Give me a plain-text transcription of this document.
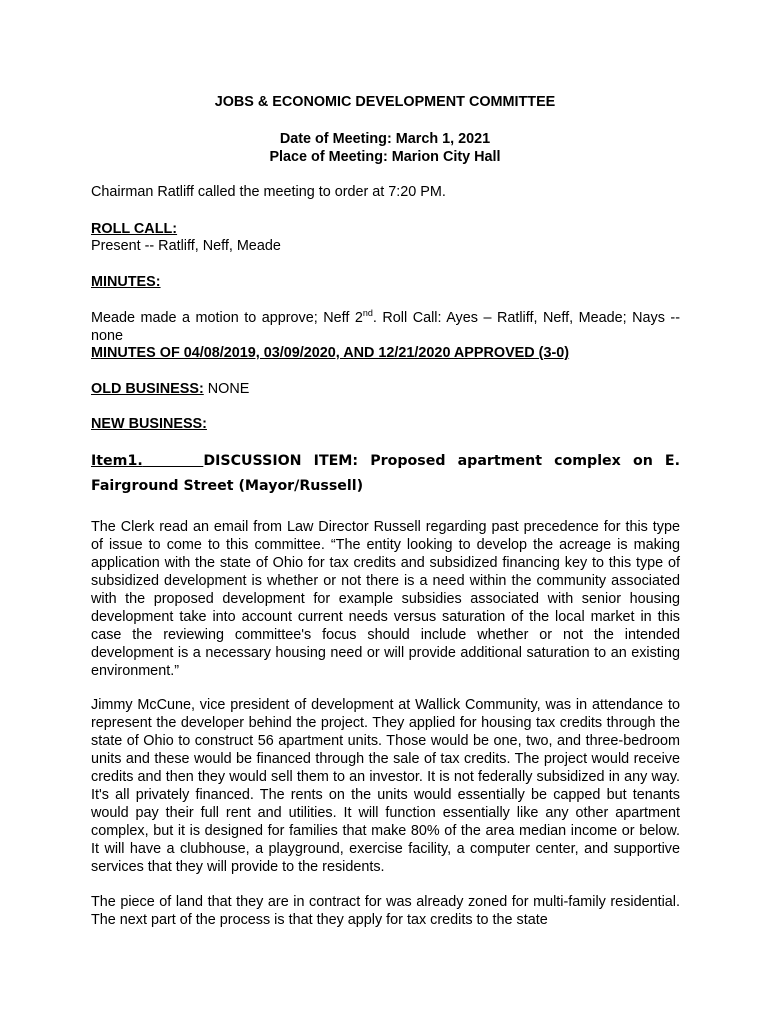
JOBS & ECONOMIC DEVELOPMENT COMMITTEE
Date of Meeting: March 1, 2021
Place of Meeting: Marion City Hall
Chairman Ratliff called the meeting to order at 7:20 PM.
ROLL CALL:
Present -- Ratliff, Neff, Meade
MINUTES:
Meade made a motion to approve; Neff 2nd. Roll Call: Ayes – Ratliff, Neff, Meade; Nays -- none
MINUTES OF 04/08/2019, 03/09/2020, AND 12/21/2020 APPROVED (3-0)
OLD BUSINESS: NONE
NEW BUSINESS:
Item1.	DISCUSSION ITEM: Proposed apartment complex on E. Fairground Street (Mayor/Russell)
The Clerk read an email from Law Director Russell regarding past precedence for this type of issue to come to this committee. “The entity looking to develop the acreage is making application with the state of Ohio for tax credits and subsidized financing key to this type of subsidized development is whether or not there is a need within the community associated with the proposed development for example subsidies associated with senior housing development take into account current needs versus saturation of the local market in this case the reviewing committee's focus should include whether or not the intended development is a necessary housing need or will provide additional saturation to an existing environment.”
Jimmy McCune, vice president of development at Wallick Community, was in attendance to represent the developer behind the project. They applied for housing tax credits through the state of Ohio to construct 56 apartment units. Those would be one, two, and three-bedroom units and these would be financed through the sale of tax credits. The project would receive credits and then they would sell them to an investor. It is not federally subsidized in any way. It's all privately financed. The rents on the units would essentially be capped but tenants would pay their full rent and utilities. It will function essentially like any other apartment complex, but it is designed for families that make 80% of the area median income or below. It will have a clubhouse, a playground, exercise facility, a computer center, and supportive services that they will provide to the residents.
The piece of land that they are in contract for was already zoned for multi-family residential. The next part of the process is that they apply for tax credits to the state
